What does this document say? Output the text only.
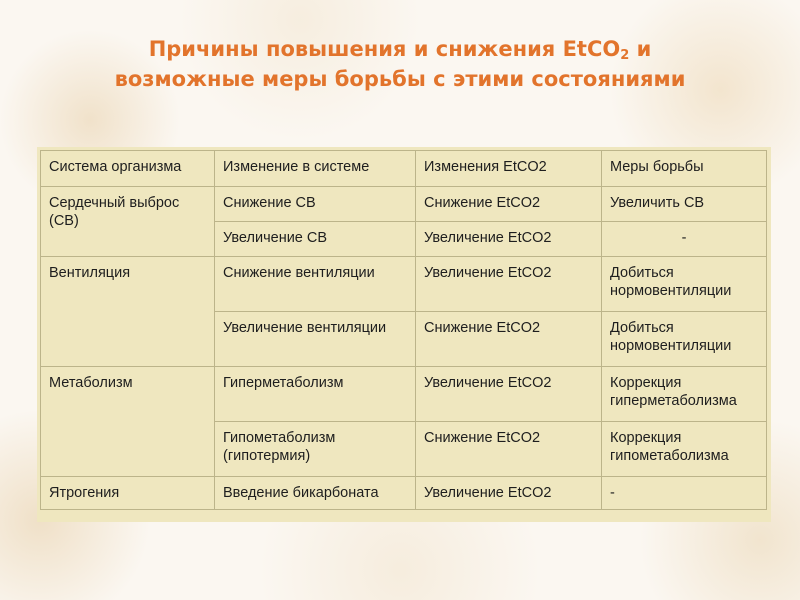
Причины повышения и снижения EtCO$_2$ и
возможные меры борьбы с этими состояниями
Система организма	Изменение в системе	Изменения EtCO2	Меры борьбы
Сердечный выброс (СВ)	Снижение СВ	Снижение EtCO2	Увеличить СВ
	Увеличение СВ	Увеличение EtCO2	-
Вентиляция	Снижение вентиляции	Увеличение EtCO2	Добиться нормовентиляции
	Увеличение вентиляции	Снижение EtCO2	Добиться нормовентиляции
Метаболизм	Гиперметаболизм	Увеличение EtCO2	Коррекция гиперметаболизма
	Гипометаболизм (гипотермия)	Снижение EtCO2	Коррекция гипометаболизма
Ятрогения	Введение бикарбоната	Увеличение EtCO2	-
